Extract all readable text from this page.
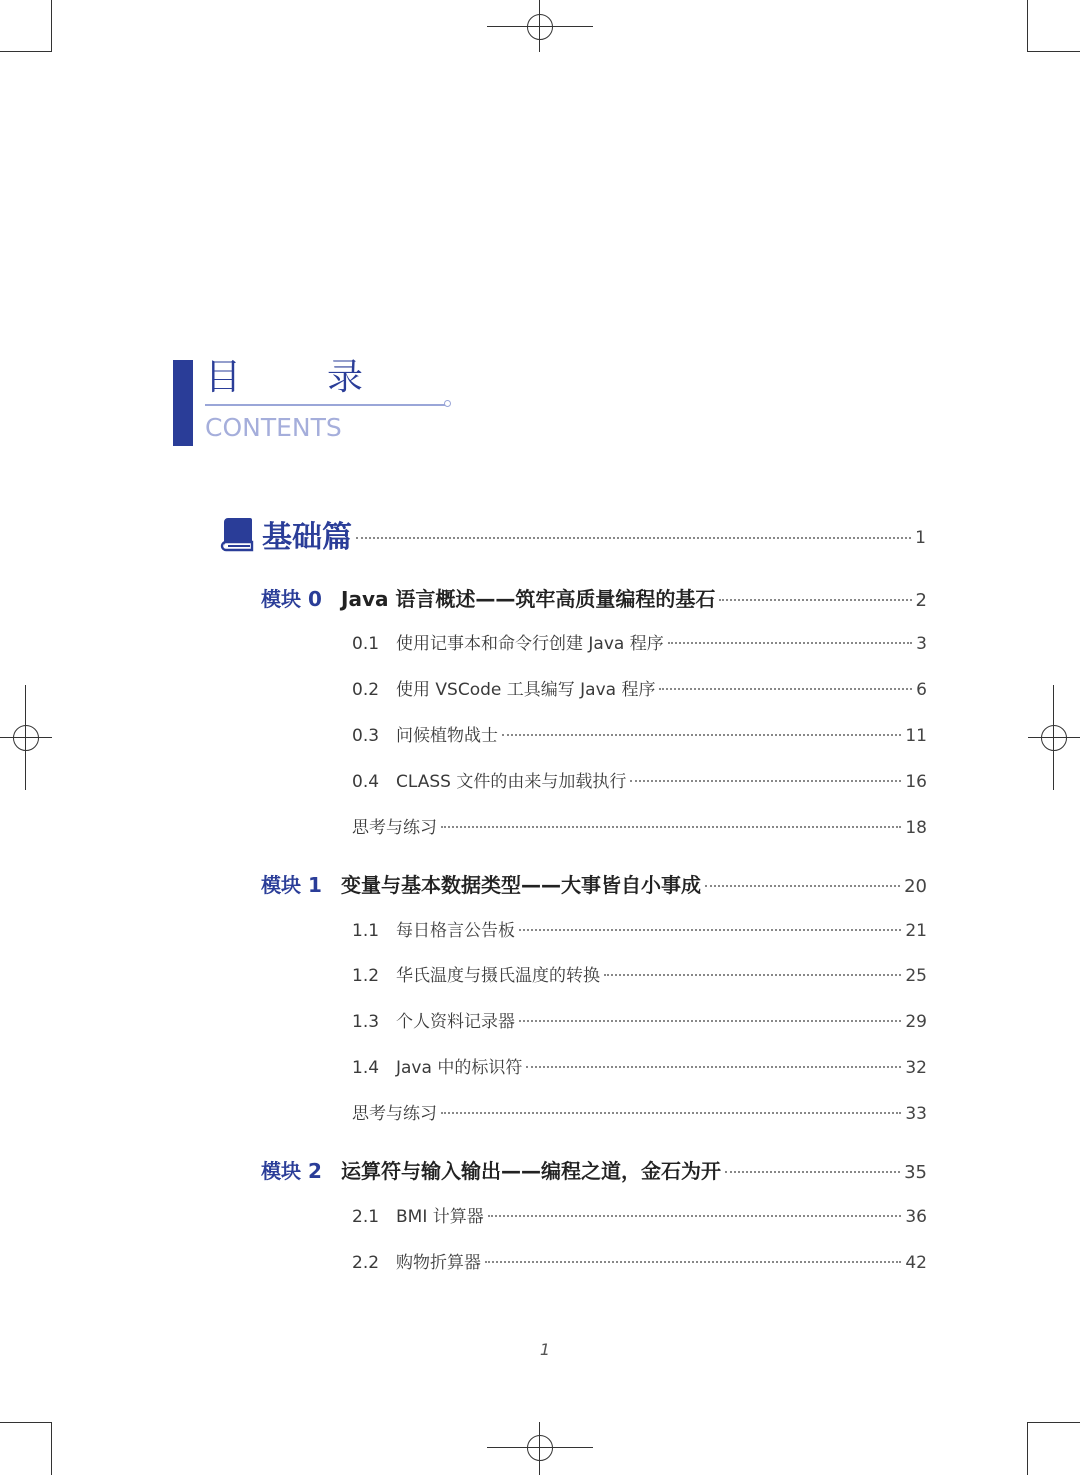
目 录
CONTENTS
基础篇	1
模块 0 Java 语言概述——筑牢高质量编程的基石	2
0.1 使用记事本和命令行创建 Java 程序	3
0.2 使用 VSCode 工具编写 Java 程序	6
0.3 问候植物战士	11
0.4 CLASS 文件的由来与加载执行	16
思考与练习	18
模块 1 变量与基本数据类型——大事皆自小事成	20
1.1 每日格言公告板	21
1.2 华氏温度与摄氏温度的转换	25
1.3 个人资料记录器	29
1.4 Java 中的标识符	32
思考与练习	33
模块 2 运算符与输入输出——编程之道，金石为开	35
2.1 BMI 计算器	36
2.2 购物折算器	42
1
